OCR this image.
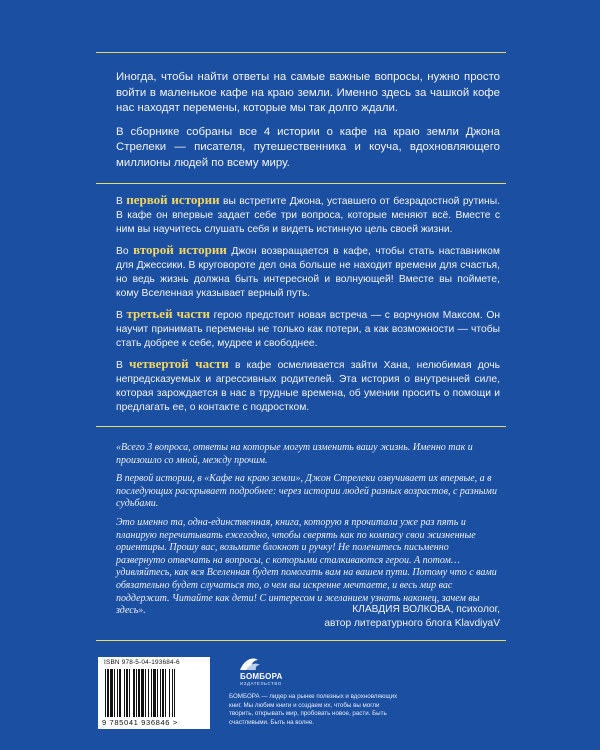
Иногда, чтобы найти ответы на самые важные вопросы, нужно просто войти в маленькое кафе на краю земли. Именно здесь за чашкой кофе нас находят перемены, которые мы так долго ждали.

В сборнике собраны все 4 истории о кафе на краю земли Джона Стрелеки — писателя, путешественника и коуча, вдохновляющего миллионы людей по всему миру.

В первой истории вы встретите Джона, уставшего от безрадостной рутины. В кафе он впервые задает себе три вопроса, которые меняют всё. Вместе с ним вы научитесь слушать себя и видеть истинную цель своей жизни.

Во второй истории Джон возвращается в кафе, чтобы стать наставником для Джессики. В круговороте дел она больше не находит времени для счастья, но ведь жизнь должна быть интересной и волнующей! Вместе вы поймете, кому Вселенная указывает верный путь.

В третьей части герою предстоит новая встреча — с ворчуном Максом. Он научит принимать перемены не только как потери, а как возможности — чтобы стать добрее к себе, мудрее и свободнее.

В четвертой части в кафе осмеливается зайти Хана, нелюбимая дочь непредсказуемых и агрессивных родителей. Эта история о внутренней силе, которая зарождается в нас в трудные времена, об умении просить о помощи и предлагать ее, о контакте с подростком.

«Всего 3 вопроса, ответы на которые могут изменить вашу жизнь. Именно так и произошло со мной, между прочим.

В первой истории, в «Кафе на краю земли», Джон Стрелеки озвучивает их впервые, а в последующих раскрывает подробнее: через истории людей разных возрастов, с разными судьбами.

Это именно та, одна-единственная, книга, которую я прочитала уже раз пять и планирую перечитывать ежегодно, чтобы сверять как по компасу свои жизненные ориентиры. Прошу вас, возьмите блокнот и ручку! Не поленитесь письменно развернуто отвечать на вопросы, с которыми сталкиваются герои. А потом… удивляйтесь, как вся Вселенная будет помогать вам на вашем пути. Потому что с вами обязательно будет случаться то, о чем вы искренне мечтаете, и весь мир вас поддержит. Читайте как дети! С интересом и желанием узнать наконец, зачем вы здесь».	КЛАВДИЯ ВОЛКОВА, психолог,
автор литературного блога KlavdiyaV
ISBN 978-5-04-193684-6
9 785041 936846 >
БОМБОРА
ИЗДАТЕЛЬСТВО
БОМБОРА — лидер на рынке полезных и вдохновляющих книг. Мы любим книги и создаем их, чтобы вы могли творить, открывать мир, пробовать новое, расти. Быть счастливыми. Быть на волне.
